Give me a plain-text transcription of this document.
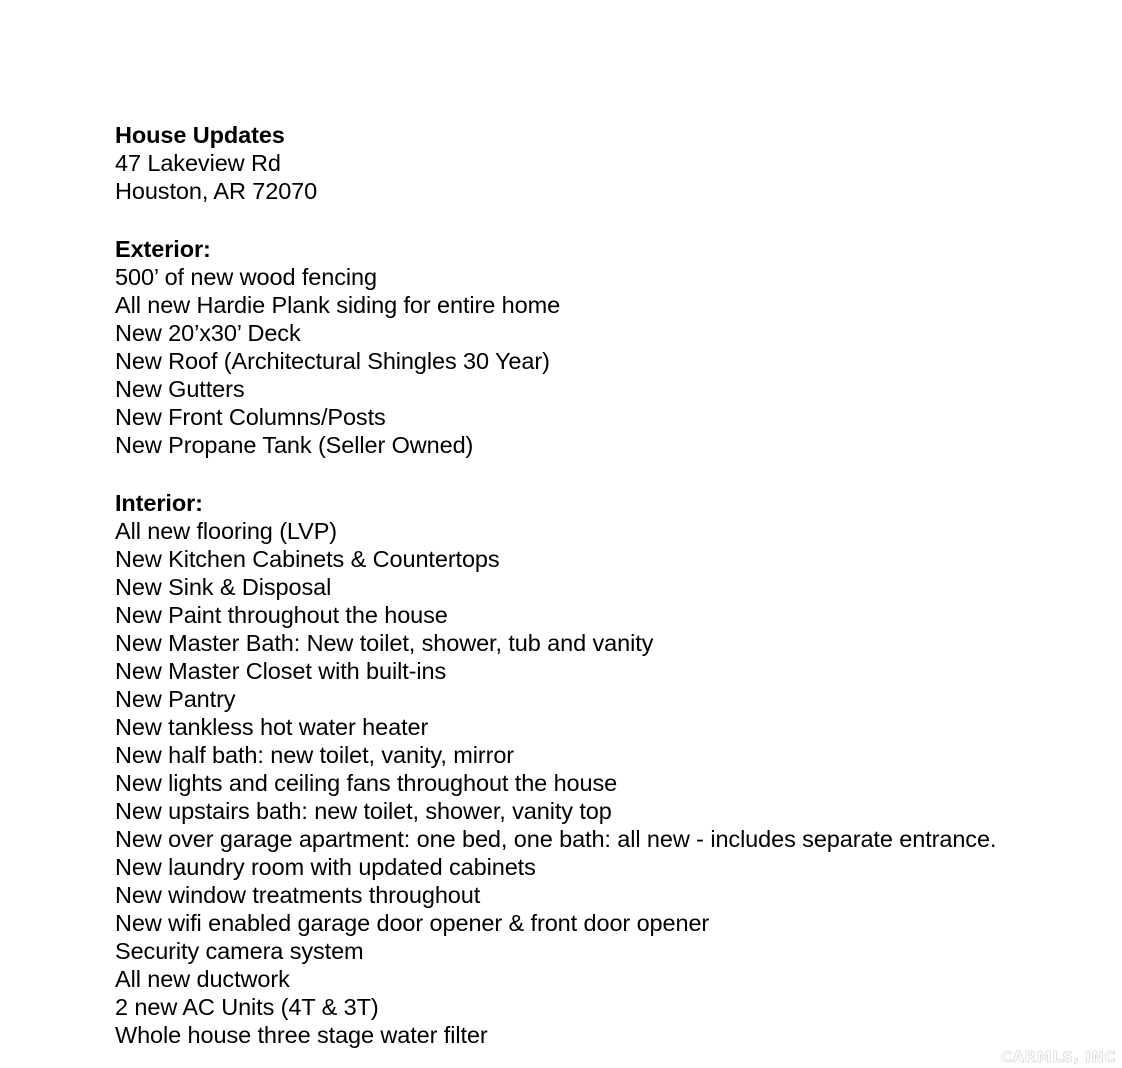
House Updates
47 Lakeview Rd
Houston, AR 72070
Exterior:
500’ of new wood fencing
All new Hardie Plank siding for entire home
New 20’x30’ Deck
New Roof (Architectural Shingles 30 Year)
New Gutters
New Front Columns/Posts
New Propane Tank (Seller Owned)
Interior:
All new flooring (LVP)
New Kitchen Cabinets & Countertops
New Sink & Disposal
New Paint throughout the house
New Master Bath: New toilet, shower, tub and vanity
New Master Closet with built-ins
New Pantry
New tankless hot water heater
New half bath: new toilet, vanity, mirror
New lights and ceiling fans throughout the house
New upstairs bath: new toilet, shower, vanity top
New over garage apartment: one bed, one bath: all new - includes separate entrance.
New laundry room with updated cabinets
New window treatments throughout
New wifi enabled garage door opener & front door opener
Security camera system
All new ductwork
2 new AC Units (4T & 3T)
Whole house three stage water filter
CARMLS, INC
